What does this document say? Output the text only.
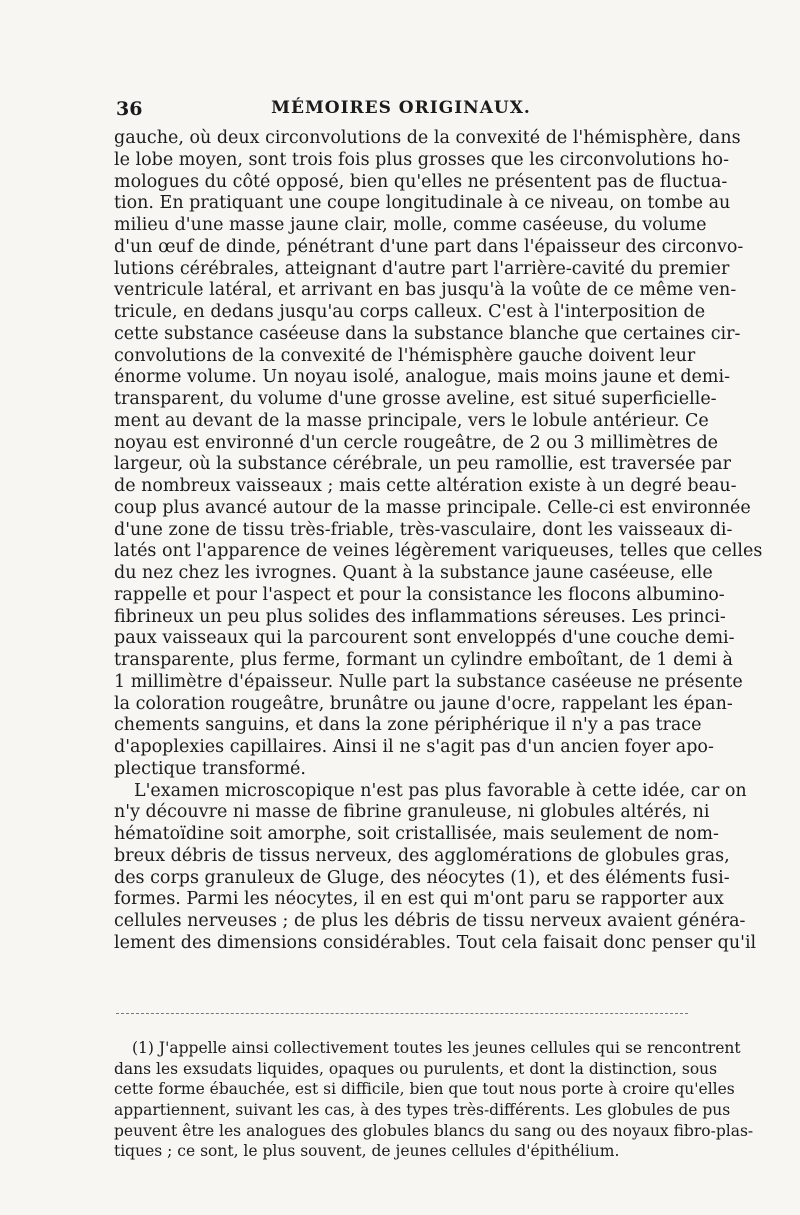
36	MÉMOIRES ORIGINAUX.
gauche, où deux circonvolutions de la convexité de l'hémisphère, dans
le lobe moyen, sont trois fois plus grosses que les circonvolutions ho-
mologues du côté opposé, bien qu'elles ne présentent pas de fluctua-
tion. En pratiquant une coupe longitudinale à ce niveau, on tombe au
milieu d'une masse jaune clair, molle, comme caséeuse, du volume
d'un œuf de dinde, pénétrant d'une part dans l'épaisseur des circonvo-
lutions cérébrales, atteignant d'autre part l'arrière-cavité du premier
ventricule latéral, et arrivant en bas jusqu'à la voûte de ce même ven-
tricule, en dedans jusqu'au corps calleux. C'est à l'interposition de
cette substance caséeuse dans la substance blanche que certaines cir-
convolutions de la convexité de l'hémisphère gauche doivent leur
énorme volume. Un noyau isolé, analogue, mais moins jaune et demi-
transparent, du volume d'une grosse aveline, est situé superficielle-
ment au devant de la masse principale, vers le lobule antérieur. Ce
noyau est environné d'un cercle rougeâtre, de 2 ou 3 millimètres de
largeur, où la substance cérébrale, un peu ramollie, est traversée par
de nombreux vaisseaux ; mais cette altération existe à un degré beau-
coup plus avancé autour de la masse principale. Celle-ci est environnée
d'une zone de tissu très-friable, très-vasculaire, dont les vaisseaux di-
latés ont l'apparence de veines légèrement variqueuses, telles que celles
du nez chez les ivrognes. Quant à la substance jaune caséeuse, elle
rappelle et pour l'aspect et pour la consistance les flocons albumino-
fibrineux un peu plus solides des inflammations séreuses. Les princi-
paux vaisseaux qui la parcourent sont enveloppés d'une couche demi-
transparente, plus ferme, formant un cylindre emboîtant, de 1 demi à
1 millimètre d'épaisseur. Nulle part la substance caséeuse ne présente
la coloration rougeâtre, brunâtre ou jaune d'ocre, rappelant les épan-
chements sanguins, et dans la zone périphérique il n'y a pas trace
d'apoplexies capillaires. Ainsi il ne s'agit pas d'un ancien foyer apo-
plectique transformé.
L'examen microscopique n'est pas plus favorable à cette idée, car on
n'y découvre ni masse de fibrine granuleuse, ni globules altérés, ni
hématoïdine soit amorphe, soit cristallisée, mais seulement de nom-
breux débris de tissus nerveux, des agglomérations de globules gras,
des corps granuleux de Gluge, des néocytes (1), et des éléments fusi-
formes. Parmi les néocytes, il en est qui m'ont paru se rapporter aux
cellules nerveuses ; de plus les débris de tissu nerveux avaient généra-
lement des dimensions considérables. Tout cela faisait donc penser qu'il
(1) J'appelle ainsi collectivement toutes les jeunes cellules qui se rencontrent
dans les exsudats liquides, opaques ou purulents, et dont la distinction, sous
cette forme ébauchée, est si difficile, bien que tout nous porte à croire qu'elles
appartiennent, suivant les cas, à des types très-différents. Les globules de pus
peuvent être les analogues des globules blancs du sang ou des noyaux fibro-plas-
tiques ; ce sont, le plus souvent, de jeunes cellules d'épithélium.
